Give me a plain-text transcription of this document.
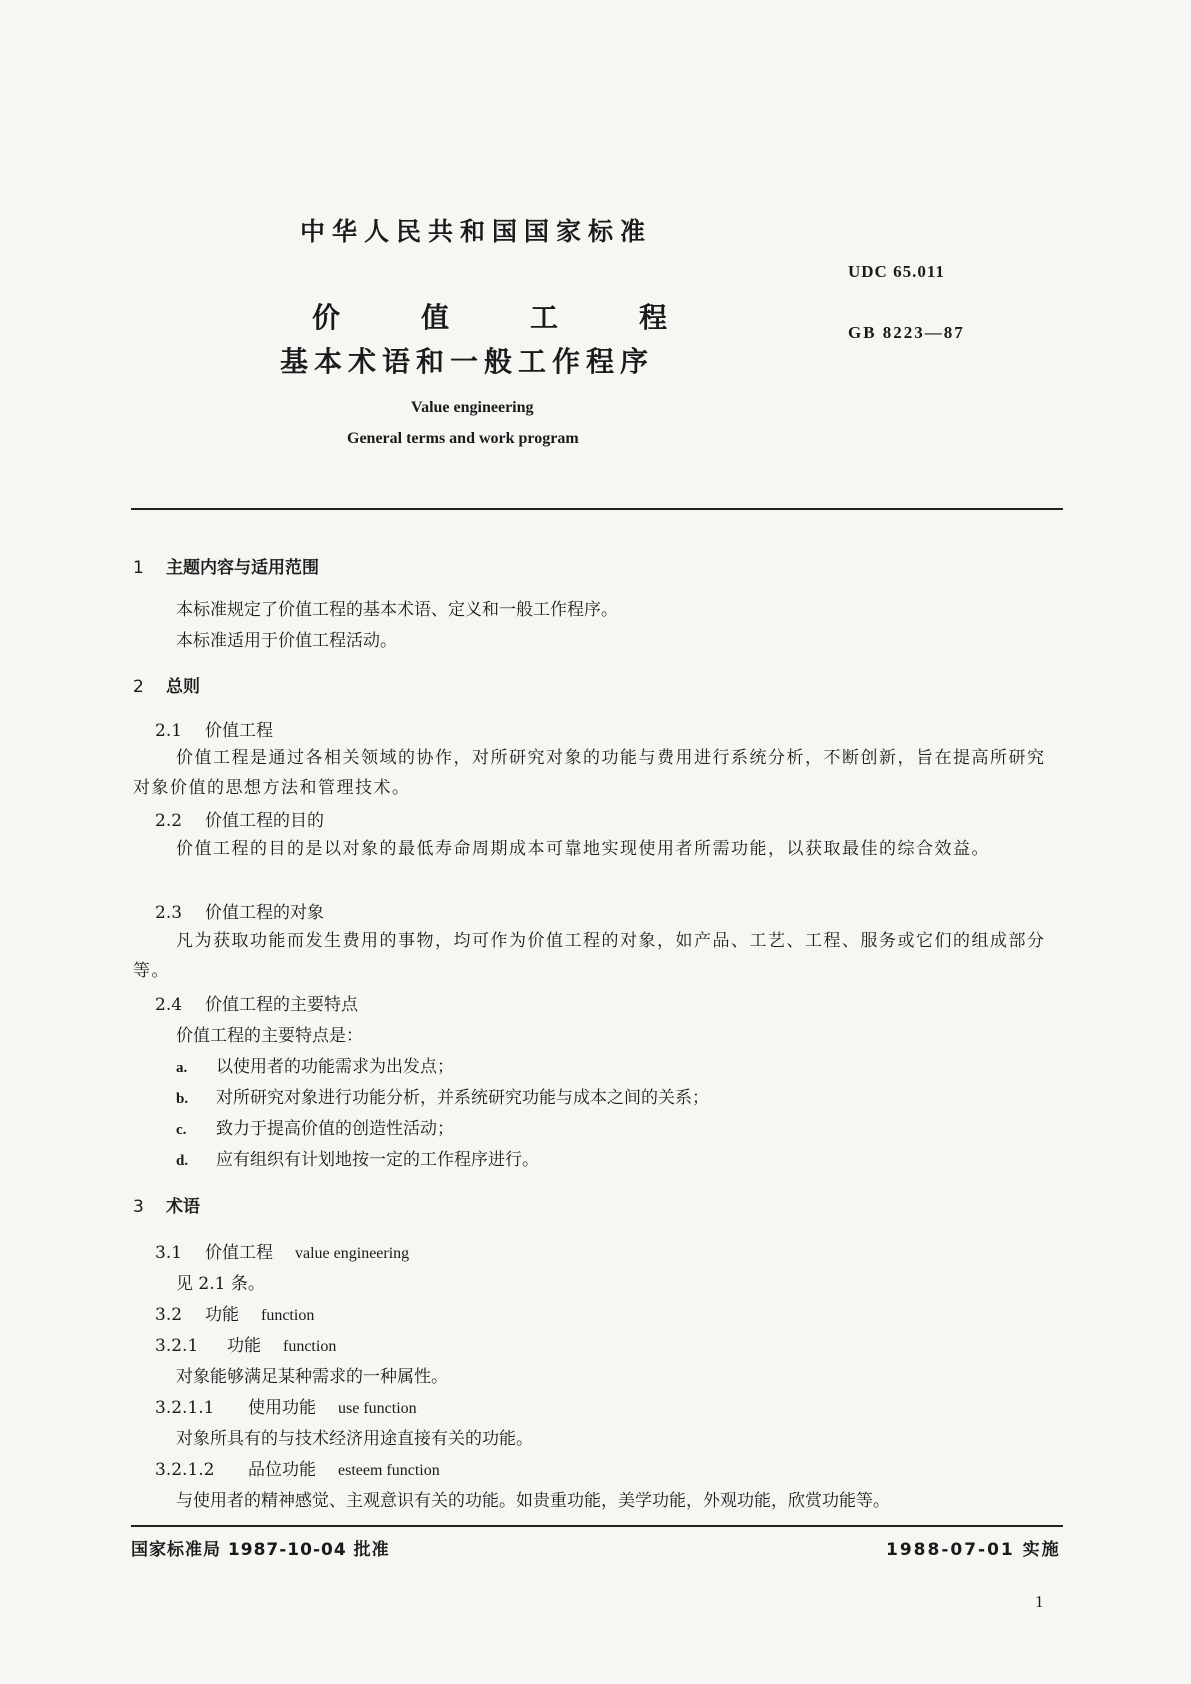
中华人民共和国国家标准
UDC 65.011
GB 8223—87
价	值	工	程
基本术语和一般工作程序
Value engineering
General terms and work program
1 主题内容与适用范围
本标准规定了价值工程的基本术语、定义和一般工作程序。
本标准适用于价值工程活动。
2 总则
2.1 价值工程
价值工程是通过各相关领域的协作，对所研究对象的功能与费用进行系统分析，不断创新，旨在提高所研究对象价值的思想方法和管理技术。
2.2 价值工程的目的
价值工程的目的是以对象的最低寿命周期成本可靠地实现使用者所需功能，以获取最佳的综合效益。
2.3 价值工程的对象
凡为获取功能而发生费用的事物，均可作为价值工程的对象，如产品、工艺、工程、服务或它们的组成部分等。
2.4 价值工程的主要特点
价值工程的主要特点是：
a. 以使用者的功能需求为出发点；
b. 对所研究对象进行功能分析，并系统研究功能与成本之间的关系；
c. 致力于提高价值的创造性活动；
d. 应有组织有计划地按一定的工作程序进行。
3 术语
3.1 价值工程 value engineering
见 2.1 条。
3.2 功能 function
3.2.1 功能 function
对象能够满足某种需求的一种属性。
3.2.1.1 使用功能 use function
对象所具有的与技术经济用途直接有关的功能。
3.2.1.2 品位功能 esteem function
与使用者的精神感觉、主观意识有关的功能。如贵重功能，美学功能，外观功能，欣赏功能等。
国家标准局 1987-10-04 批准	1988-07-01 实施
1
